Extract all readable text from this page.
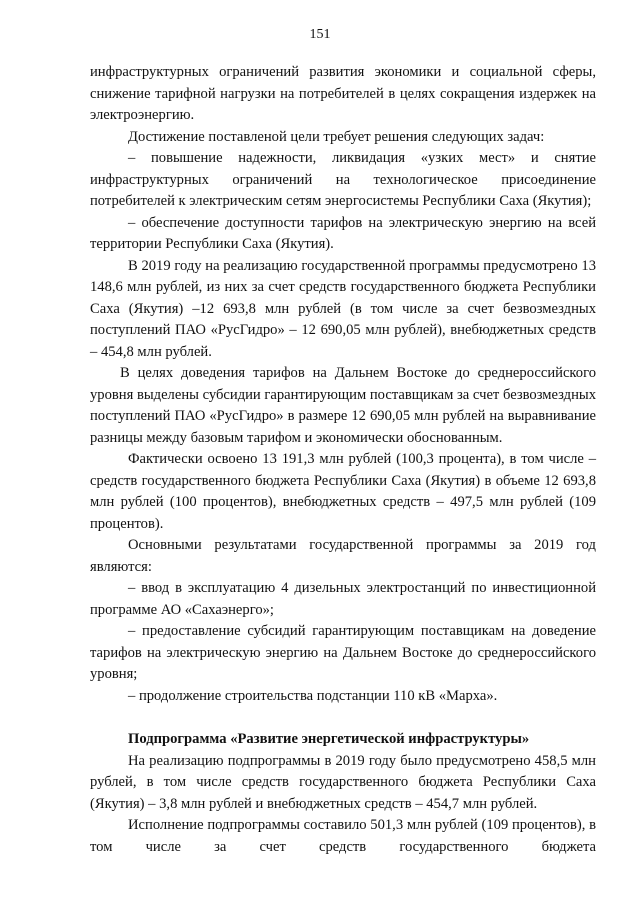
151

инфраструктурных ограничений развития экономики и социальной сферы, снижение тарифной нагрузки на потребителей в целях сокращения издержек на электроэнергию.

Достижение поставленой цели требует решения следующих задач:

– повышение надежности, ликвидация «узких мест» и снятие инфраструктурных ограничений на технологическое присоединение потребителей к электрическим сетям энергосистемы Республики Саха (Якутия);

– обеспечение доступности тарифов на электрическую энергию на всей территории Республики Саха (Якутия).

В 2019 году на реализацию государственной программы предусмотрено 13 148,6 млн рублей, из них за счет средств государственного бюджета Республики Саха (Якутия) –12 693,8 млн рублей (в том числе за счет безвозмездных поступлений ПАО «РусГидро» – 12 690,05 млн рублей), внебюджетных средств – 454,8 млн рублей.

В целях доведения тарифов на Дальнем Востоке до среднероссийского уровня выделены субсидии гарантирующим поставщикам за счет безвозмездных поступлений ПАО «РусГидро» в размере 12 690,05 млн рублей на выравнивание разницы между базовым тарифом и экономически обоснованным.

Фактически освоено 13 191,3 млн рублей (100,3 процента), в том числе – средств государственного бюджета Республики Саха (Якутия) в объеме 12 693,8 млн рублей (100 процентов), внебюджетных средств – 497,5 млн рублей (109 процентов).

Основными результатами государственной программы за 2019 год являются:

– ввод в эксплуатацию 4 дизельных электростанций по инвестиционной программе АО «Сахаэнерго»;

– предоставление субсидий гарантирующим поставщикам на доведение тарифов на электрическую энергию на Дальнем Востоке до среднероссийского уровня;

– продолжение строительства подстанции 110 кВ «Марха».

Подпрограмма «Развитие энергетической инфраструктуры»

На реализацию подпрограммы в 2019 году было предусмотрено 458,5 млн рублей, в том числе средств государственного бюджета Республики Саха (Якутия) – 3,8 млн рублей и внебюджетных средств – 454,7 млн рублей.

Исполнение подпрограммы составило 501,3 млн рублей (109 процентов), в том числе за счет средств государственного бюджета
